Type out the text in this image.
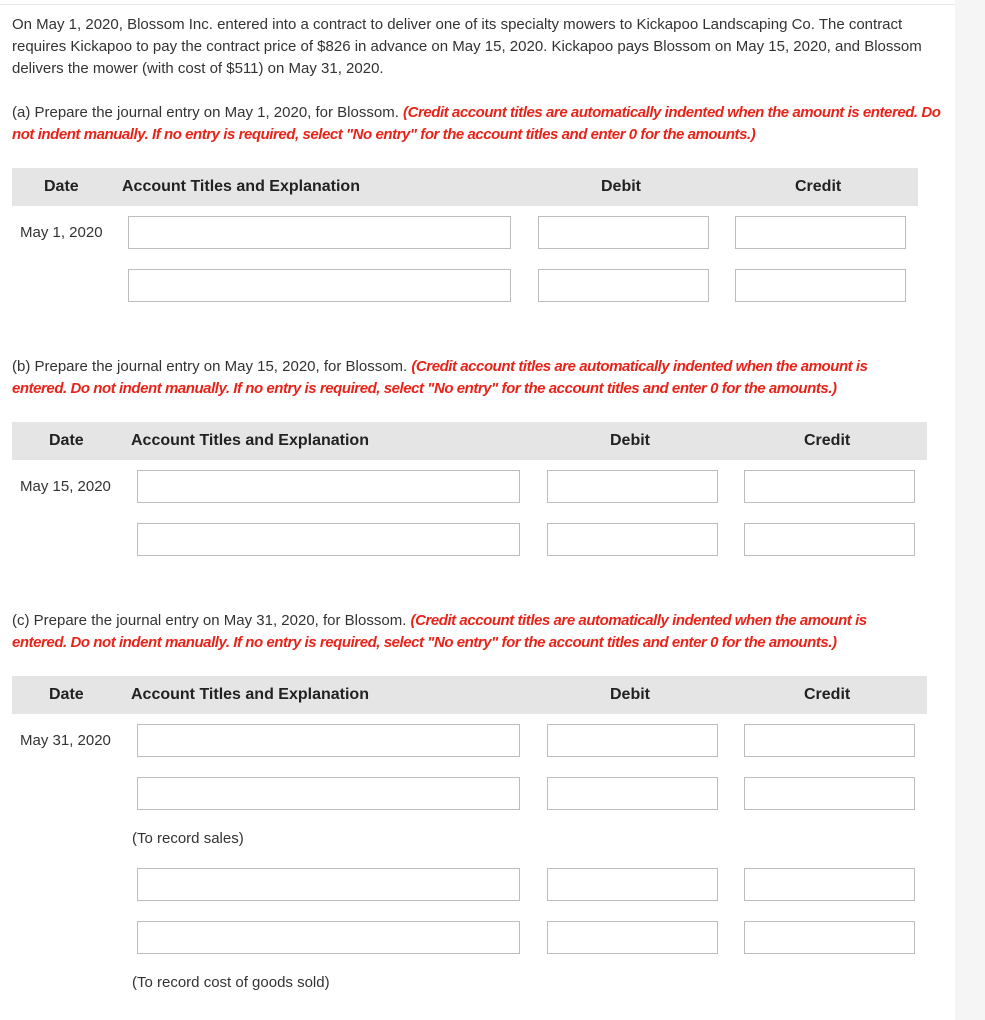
On May 1, 2020, Blossom Inc. entered into a contract to deliver one of its specialty mowers to Kickapoo Landscaping Co. The contract requires Kickapoo to pay the contract price of $826 in advance on May 15, 2020. Kickapoo pays Blossom on May 15, 2020, and Blossom delivers the mower (with cost of $511) on May 31, 2020.
(a) Prepare the journal entry on May 1, 2020, for Blossom. (Credit account titles are automatically indented when the amount is entered. Do not indent manually. If no entry is required, select "No entry" for the account titles and enter 0 for the amounts.)
Date	Account Titles and Explanation	Debit	Credit
May 1, 2020
(b) Prepare the journal entry on May 15, 2020, for Blossom. (Credit account titles are automatically indented when the amount is entered. Do not indent manually. If no entry is required, select "No entry" for the account titles and enter 0 for the amounts.)
Date	Account Titles and Explanation	Debit	Credit
May 15, 2020
(c) Prepare the journal entry on May 31, 2020, for Blossom. (Credit account titles are automatically indented when the amount is entered. Do not indent manually. If no entry is required, select "No entry" for the account titles and enter 0 for the amounts.)
Date	Account Titles and Explanation	Debit	Credit
May 31, 2020
(To record sales)
(To record cost of goods sold)
